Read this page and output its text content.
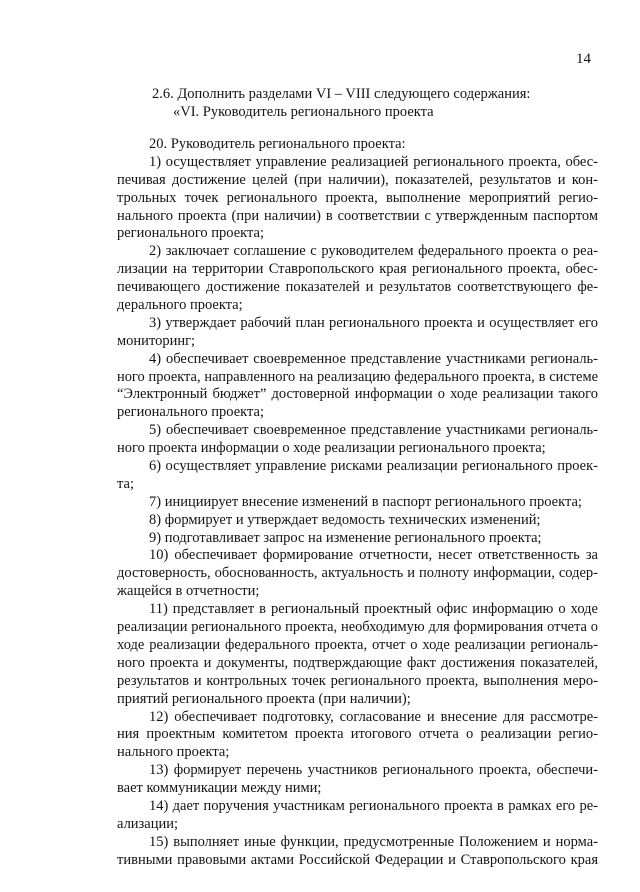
14
2.6. Дополнить разделами VI – VIII следующего содержания:
«VI. Руководитель регионального проекта
20. Руководитель регионального проекта:
1) осуществляет управление реализацией регионального проекта, обес-
печивая достижение целей (при наличии), показателей, результатов и кон-
трольных точек регионального проекта, выполнение мероприятий регио-
нального проекта (при наличии) в соответствии с утвержденным паспортом
регионального проекта;
2) заключает соглашение с руководителем федерального проекта о реа-
лизации на территории Ставропольского края регионального проекта, обес-
печивающего достижение показателей и результатов соответствующего фе-
дерального проекта;
3) утверждает рабочий план регионального проекта и осуществляет его
мониторинг;
4) обеспечивает своевременное представление участниками региональ-
ного проекта, направленного на реализацию федерального проекта, в системе
“Электронный бюджет” достоверной информации о ходе реализации такого
регионального проекта;
5) обеспечивает своевременное представление участниками региональ-
ного проекта информации о ходе реализации регионального проекта;
6) осуществляет управление рисками реализации регионального проек-
та;
7) инициирует внесение изменений в паспорт регионального проекта;
8) формирует и утверждает ведомость технических изменений;
9) подготавливает запрос на изменение регионального проекта;
10) обеспечивает формирование отчетности, несет ответственность за
достоверность, обоснованность, актуальность и полноту информации, содер-
жащейся в отчетности;
11) представляет в региональный проектный офис информацию о ходе
реализации регионального проекта, необходимую для формирования отчета о
ходе реализации федерального проекта, отчет о ходе реализации региональ-
ного проекта и документы, подтверждающие факт достижения показателей,
результатов и контрольных точек регионального проекта, выполнения меро-
приятий регионального проекта (при наличии);
12) обеспечивает подготовку, согласование и внесение для рассмотре-
ния проектным комитетом проекта итогового отчета о реализации регио-
нального проекта;
13) формирует перечень участников регионального проекта, обеспечи-
вает коммуникации между ними;
14) дает поручения участникам регионального проекта в рамках его ре-
ализации;
15) выполняет иные функции, предусмотренные Положением и норма-
тивными правовыми актами Российской Федерации и Ставропольского края
